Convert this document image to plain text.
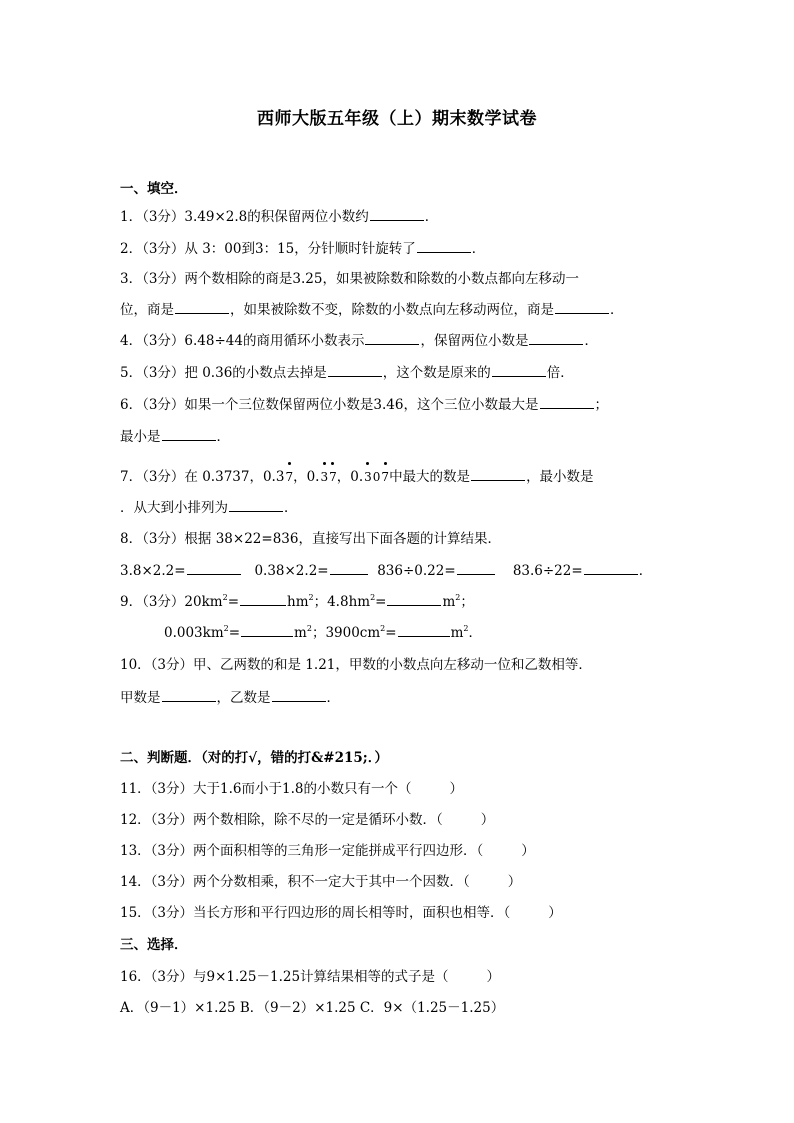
西师大版五年级（上）期末数学试卷
一、填空．
1．（3分）3.49×2.8的积保留两位小数约	．
2．（3分）从 3：00到3：15，分针顺时针旋转了	．
3．（3分）两个数相除的商是3.25，如果被除数和除数的小数点都向左移动一
位，商是	，如果被除数不变，除数的小数点向左移动两位，商是	．
4．（3分）6.48÷44的商用循环小数表示	，保留两位小数是	．
5．（3分）把 0.36的小数点去掉是	，这个数是原来的	倍．
6．（3分）如果一个三位数保留两位小数是3.46，这个三位小数最大是	；
最小是	．
7．（3分）在 0.3737，0.3 7 ，0. 3 7 ，0. 3 0 7 中最大的数是	，最小数是
．从大到小排列为	．
8．（3分）根据 38×22=836，直接写出下面各题的计算结果．
3.8×2.2=	0.38×2.2=	836÷0.22=	83.6÷22=	．
9．（3分）$20km^2=$	$hm^2$；$4.8hm^2=$	$m^2$；
$0.003km^2=$	$m^2$；$3900cm^2=$	$m^2$．
10．（3分）甲、乙两数的和是 1.21，甲数的小数点向左移动一位和乙数相等．
甲数是	，乙数是	．
二、判断题．（对的打√，错的打&#215;．）
11．（3分）大于1.6而小于1.8的小数只有一个（	）
12．（3分）两个数相除，除不尽的一定是循环小数．（	）
13．（3分）两个面积相等的三角形一定能拼成平行四边形．（	）
14．（3分）两个分数相乘，积不一定大于其中一个因数．（	）
15．（3分）当长方形和平行四边形的周长相等时，面积也相等．（	）
三、选择．
16．（3分）与9×1.25－1.25计算结果相等的式子是（	）
A．（9－1）×1.25 B．（9－2）×1.25 C．9×（1.25－1.25）
